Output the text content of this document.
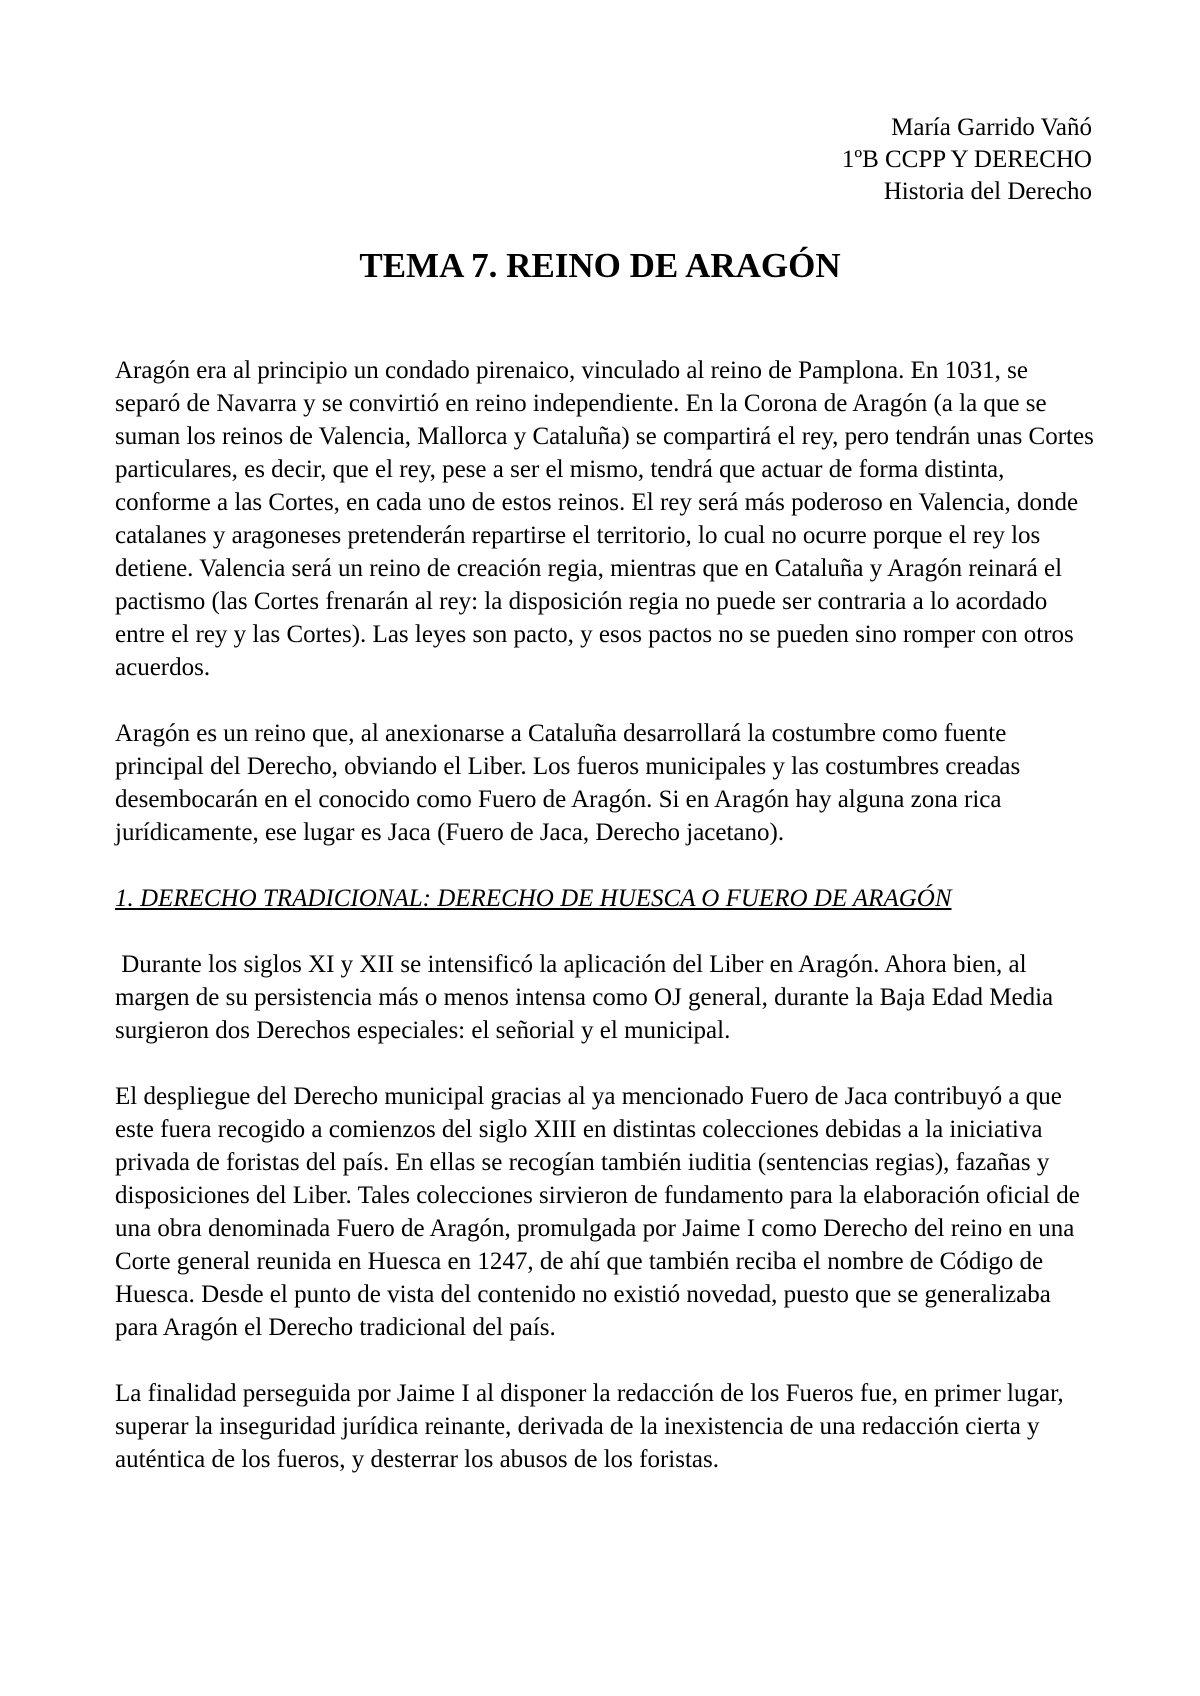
María Garrido Vañó
1ºB CCPP Y DERECHO
Historia del Derecho
TEMA 7. REINO DE ARAGÓN

Aragón era al principio un condado pirenaico, vinculado al reino de Pamplona. En 1031, se separó de Navarra y se convirtió en reino independiente. En la Corona de Aragón (a la que se suman los reinos de Valencia, Mallorca y Cataluña) se compartirá el rey, pero tendrán unas Cortes particulares, es decir, que el rey, pese a ser el mismo, tendrá que actuar de forma distinta, conforme a las Cortes, en cada uno de estos reinos. El rey será más poderoso en Valencia, donde catalanes y aragoneses pretenderán repartirse el territorio, lo cual no ocurre porque el rey los detiene. Valencia será un reino de creación regia, mientras que en Cataluña y Aragón reinará el pactismo (las Cortes frenarán al rey: la disposición regia no puede ser contraria a lo acordado entre el rey y las Cortes). Las leyes son pacto, y esos pactos no se pueden sino romper con otros acuerdos.

Aragón es un reino que, al anexionarse a Cataluña desarrollará la costumbre como fuente principal del Derecho, obviando el Liber. Los fueros municipales y las costumbres creadas desembocarán en el conocido como Fuero de Aragón. Si en Aragón hay alguna zona rica jurídicamente, ese lugar es Jaca (Fuero de Jaca, Derecho jacetano).

1. DERECHO TRADICIONAL: DERECHO DE HUESCA O FUERO DE ARAGÓN

Durante los siglos XI y XII se intensificó la aplicación del Liber en Aragón. Ahora bien, al margen de su persistencia más o menos intensa como OJ general, durante la Baja Edad Media surgieron dos Derechos especiales: el señorial y el municipal.

El despliegue del Derecho municipal gracias al ya mencionado Fuero de Jaca contribuyó a que este fuera recogido a comienzos del siglo XIII en distintas colecciones debidas a la iniciativa privada de foristas del país. En ellas se recogían también iuditia (sentencias regias), fazañas y disposiciones del Liber. Tales colecciones sirvieron de fundamento para la elaboración oficial de una obra denominada Fuero de Aragón, promulgada por Jaime I como Derecho del reino en una Corte general reunida en Huesca en 1247, de ahí que también reciba el nombre de Código de Huesca. Desde el punto de vista del contenido no existió novedad, puesto que se generalizaba para Aragón el Derecho tradicional del país.

La finalidad perseguida por Jaime I al disponer la redacción de los Fueros fue, en primer lugar, superar la inseguridad jurídica reinante, derivada de la inexistencia de una redacción cierta y auténtica de los fueros, y desterrar los abusos de los foristas.
